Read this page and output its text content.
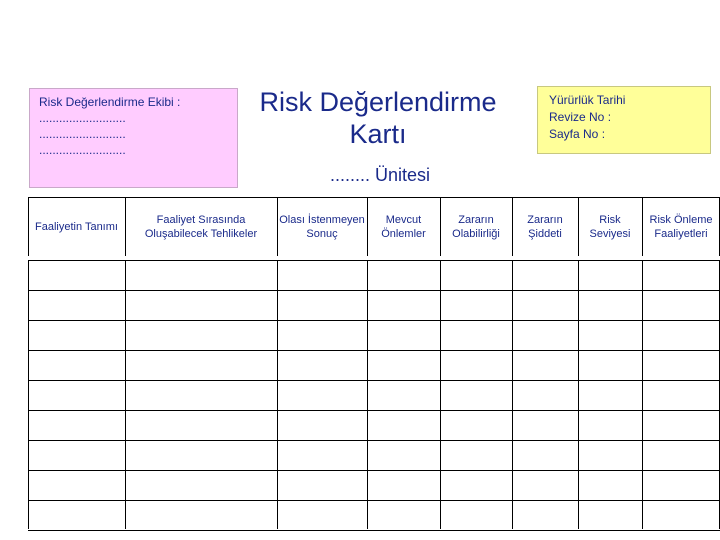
Risk Değerlendirme Ekibi :
..........................
..........................
..........................
Risk Değerlendirme
Kartı
........ Ünitesi
Yürürlük Tarihi
Revize No :
Sayfa No :
Faaliyetin Tanımı
Faaliyet Sırasında Oluşabilecek Tehlikeler
Olası İstenmeyen Sonuç
Mevcut Önlemler
Zararın Olabilirliği
Zararın Şiddeti
Risk Seviyesi
Risk Önleme Faaliyetleri
